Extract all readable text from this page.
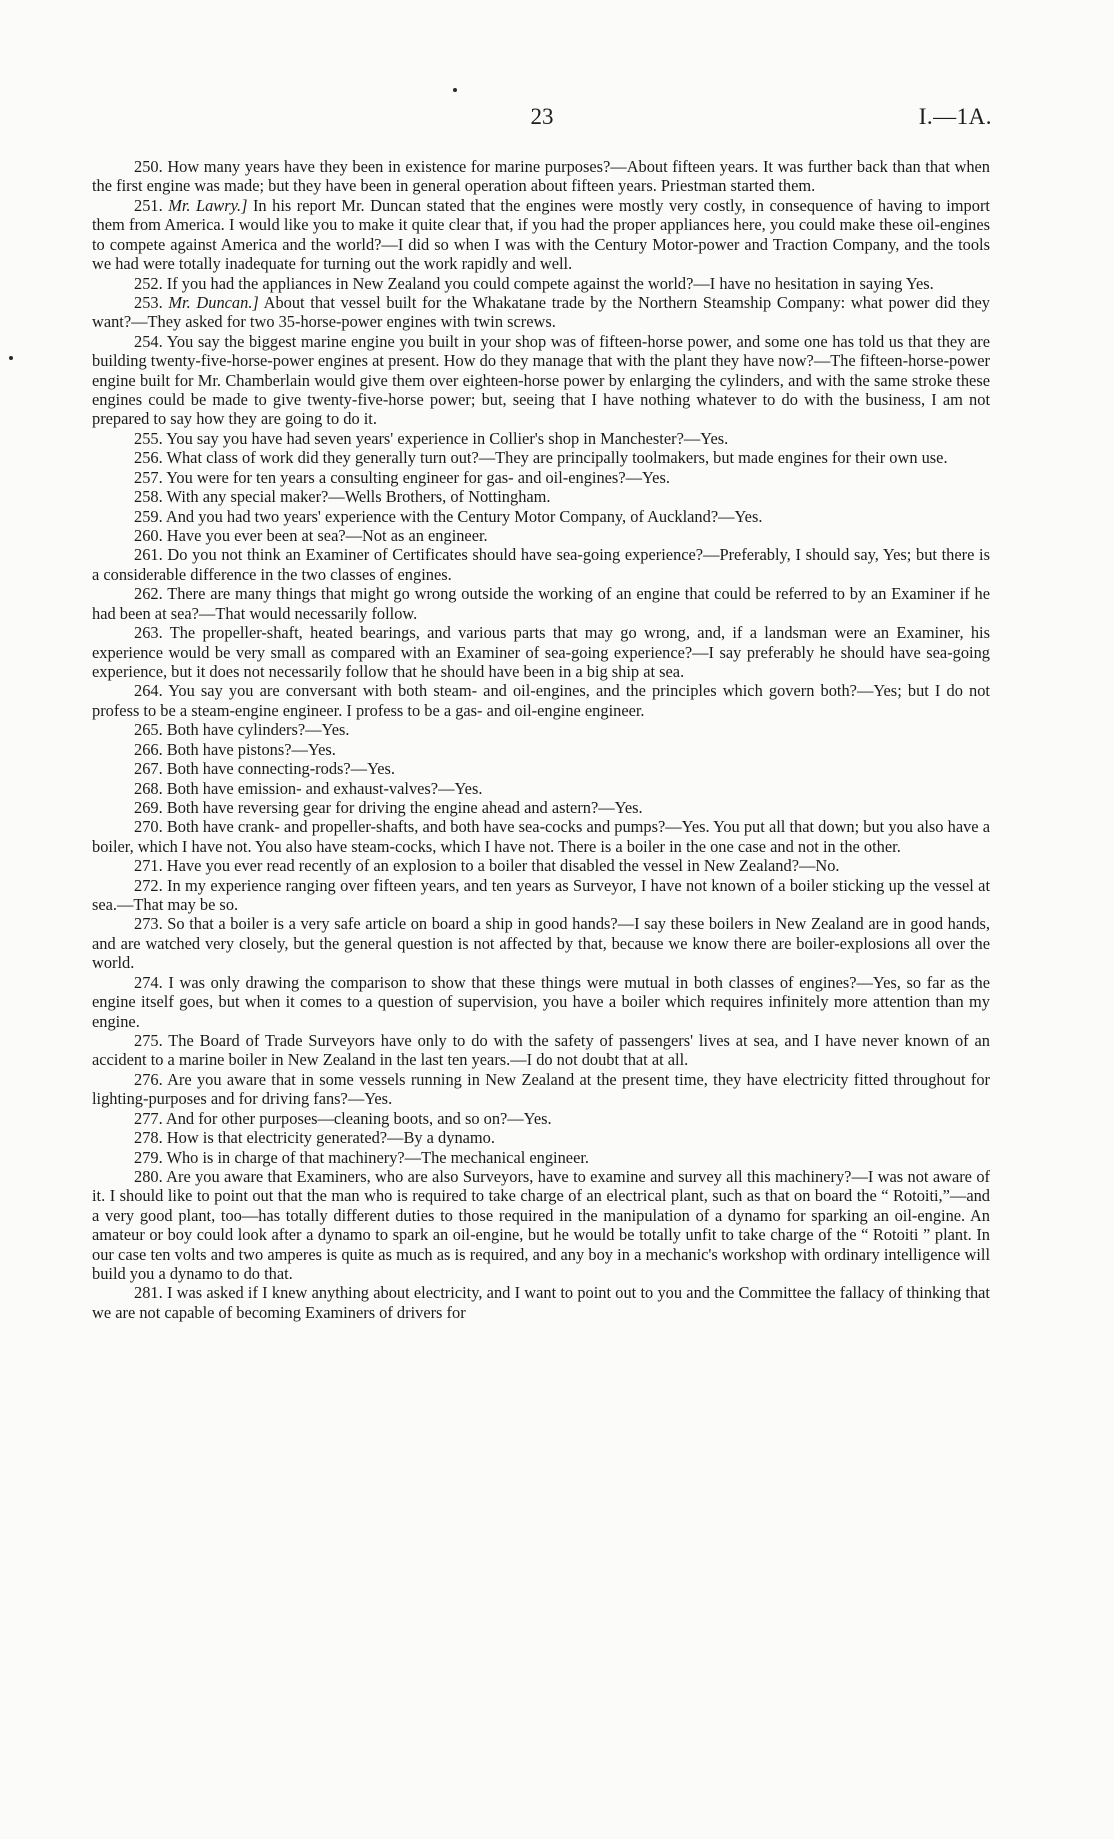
23	I.—1A.

250. How many years have they been in existence for marine purposes?—About fifteen years. It was further back than that when the first engine was made; but they have been in general operation about fifteen years. Priestman started them.

251. Mr. Lawry.] In his report Mr. Duncan stated that the engines were mostly very costly, in consequence of having to import them from America. I would like you to make it quite clear that, if you had the proper appliances here, you could make these oil-engines to compete against America and the world?—I did so when I was with the Century Motor-power and Traction Company, and the tools we had were totally inadequate for turning out the work rapidly and well.

252. If you had the appliances in New Zealand you could compete against the world?—I have no hesitation in saying Yes.

253. Mr. Duncan.] About that vessel built for the Whakatane trade by the Northern Steamship Company: what power did they want?—They asked for two 35-horse-power engines with twin screws.

254. You say the biggest marine engine you built in your shop was of fifteen-horse power, and some one has told us that they are building twenty-five-horse-power engines at present. How do they manage that with the plant they have now?—The fifteen-horse-power engine built for Mr. Chamberlain would give them over eighteen-horse power by enlarging the cylinders, and with the same stroke these engines could be made to give twenty-five-horse power; but, seeing that I have nothing whatever to do with the business, I am not prepared to say how they are going to do it.

255. You say you have had seven years' experience in Collier's shop in Manchester?—Yes.

256. What class of work did they generally turn out?—They are principally toolmakers, but made engines for their own use.

257. You were for ten years a consulting engineer for gas- and oil-engines?—Yes.

258. With any special maker?—Wells Brothers, of Nottingham.

259. And you had two years' experience with the Century Motor Company, of Auckland?—Yes.

260. Have you ever been at sea?—Not as an engineer.

261. Do you not think an Examiner of Certificates should have sea-going experience?—Preferably, I should say, Yes; but there is a considerable difference in the two classes of engines.

262. There are many things that might go wrong outside the working of an engine that could be referred to by an Examiner if he had been at sea?—That would necessarily follow.

263. The propeller-shaft, heated bearings, and various parts that may go wrong, and, if a landsman were an Examiner, his experience would be very small as compared with an Examiner of sea-going experience?—I say preferably he should have sea-going experience, but it does not necessarily follow that he should have been in a big ship at sea.

264. You say you are conversant with both steam- and oil-engines, and the principles which govern both?—Yes; but I do not profess to be a steam-engine engineer. I profess to be a gas- and oil-engine engineer.

265. Both have cylinders?—Yes.

266. Both have pistons?—Yes.

267. Both have connecting-rods?—Yes.

268. Both have emission- and exhaust-valves?—Yes.

269. Both have reversing gear for driving the engine ahead and astern?—Yes.

270. Both have crank- and propeller-shafts, and both have sea-cocks and pumps?—Yes. You put all that down; but you also have a boiler, which I have not. You also have steam-cocks, which I have not. There is a boiler in the one case and not in the other.

271. Have you ever read recently of an explosion to a boiler that disabled the vessel in New Zealand?—No.

272. In my experience ranging over fifteen years, and ten years as Surveyor, I have not known of a boiler sticking up the vessel at sea.—That may be so.

273. So that a boiler is a very safe article on board a ship in good hands?—I say these boilers in New Zealand are in good hands, and are watched very closely, but the general question is not affected by that, because we know there are boiler-explosions all over the world.

274. I was only drawing the comparison to show that these things were mutual in both classes of engines?—Yes, so far as the engine itself goes, but when it comes to a question of supervision, you have a boiler which requires infinitely more attention than my engine.

275. The Board of Trade Surveyors have only to do with the safety of passengers' lives at sea, and I have never known of an accident to a marine boiler in New Zealand in the last ten years.—I do not doubt that at all.

276. Are you aware that in some vessels running in New Zealand at the present time, they have electricity fitted throughout for lighting-purposes and for driving fans?—Yes.

277. And for other purposes—cleaning boots, and so on?—Yes.

278. How is that electricity generated?—By a dynamo.

279. Who is in charge of that machinery?—The mechanical engineer.

280. Are you aware that Examiners, who are also Surveyors, have to examine and survey all this machinery?—I was not aware of it. I should like to point out that the man who is required to take charge of an electrical plant, such as that on board the “ Rotoiti,”—and a very good plant, too—has totally different duties to those required in the manipulation of a dynamo for sparking an oil-engine. An amateur or boy could look after a dynamo to spark an oil-engine, but he would be totally unfit to take charge of the “ Rotoiti ” plant. In our case ten volts and two amperes is quite as much as is required, and any boy in a mechanic's workshop with ordinary intelligence will build you a dynamo to do that.

281. I was asked if I knew anything about electricity, and I want to point out to you and the Committee the fallacy of thinking that we are not capable of becoming Examiners of drivers for
